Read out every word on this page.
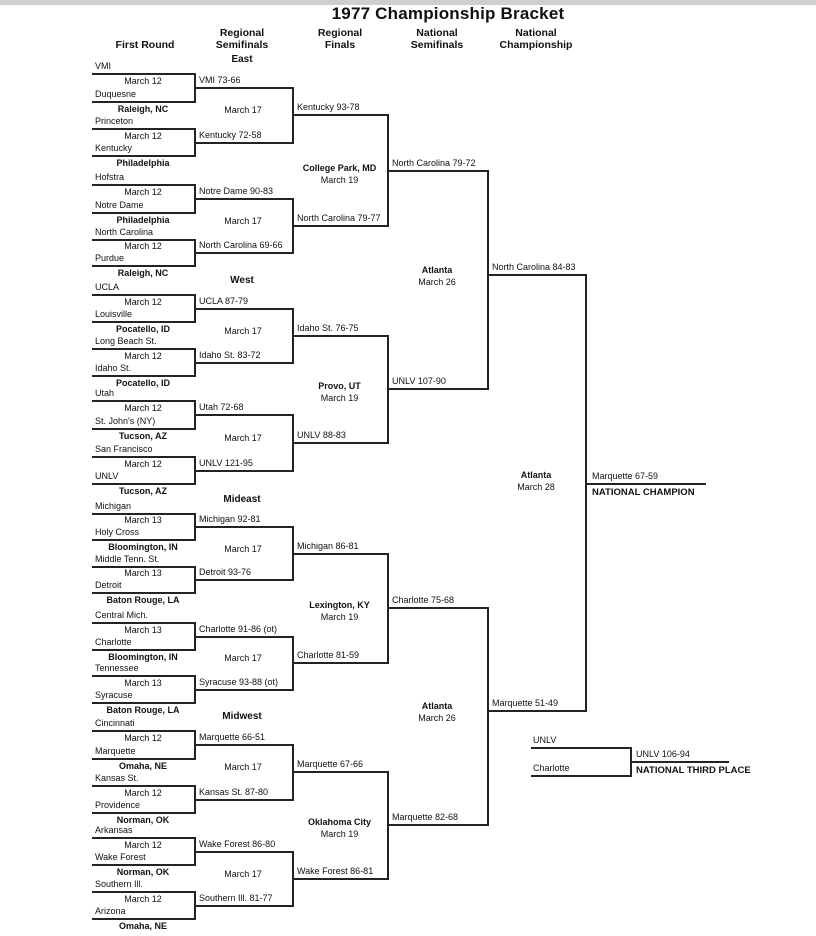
1977 Championship Bracket
First Round
Regional Semifinals
Regional Finals
National Semifinals
National Championship
East
VMI
Duquesne
March 12
Raleigh, NC
VMI 73-66
Princeton
Kentucky
March 12
Philadelphia
Kentucky 72-58
Hofstra
Notre Dame
March 12
Philadelphia
Notre Dame 90-83
North Carolina
Purdue
March 12
Raleigh, NC
North Carolina 69-66
March 17	Kentucky 93-78
March 17	North Carolina 79-77
College Park, MD
March 19
North Carolina 79-72
West
UCLA
Louisville
March 12
Pocatello, ID
UCLA 87-79
Long Beach St.
Idaho St.
March 12
Pocatello, ID
Idaho St. 83-72
Utah
St. John's (NY)
March 12
Tucson, AZ
Utah 72-68
San Francisco
UNLV
March 12
Tucson, AZ
UNLV 121-95
March 17	Idaho St. 76-75
March 17	UNLV 88-83
Provo, UT
March 19
UNLV 107-90
Mideast
Michigan
Holy Cross
March 13
Bloomington, IN
Michigan 92-81
Middle Tenn. St.
Detroit
March 13
Baton Rouge, LA
Detroit 93-76
Central Mich.
Charlotte
March 13
Bloomington, IN
Charlotte 91-86 (ot)
Tennessee
Syracuse
March 13
Baton Rouge, LA
Syracuse 93-88 (ot)
March 17	Michigan 86-81
March 17	Charlotte 81-59
Lexington, KY
March 19
Charlotte 75-68
Midwest
Cincinnati
Marquette
March 12
Omaha, NE
Marquette 66-51
Kansas St.
Providence
March 12
Norman, OK
Kansas St. 87-80
Arkansas
Wake Forest
March 12
Norman, OK
Wake Forest 86-80
Southern Ill.
Arizona
March 12
Omaha, NE
Southern Ill. 81-77
March 17	Marquette 67-66
March 17	Wake Forest 86-81
Oklahoma City
March 19
Marquette 82-68
Atlanta
March 26
North Carolina 84-83
Atlanta
March 26
Marquette 51-49
Atlanta
March 28
Marquette 67-59
NATIONAL CHAMPION
UNLV
Charlotte
UNLV 106-94
NATIONAL THIRD PLACE
